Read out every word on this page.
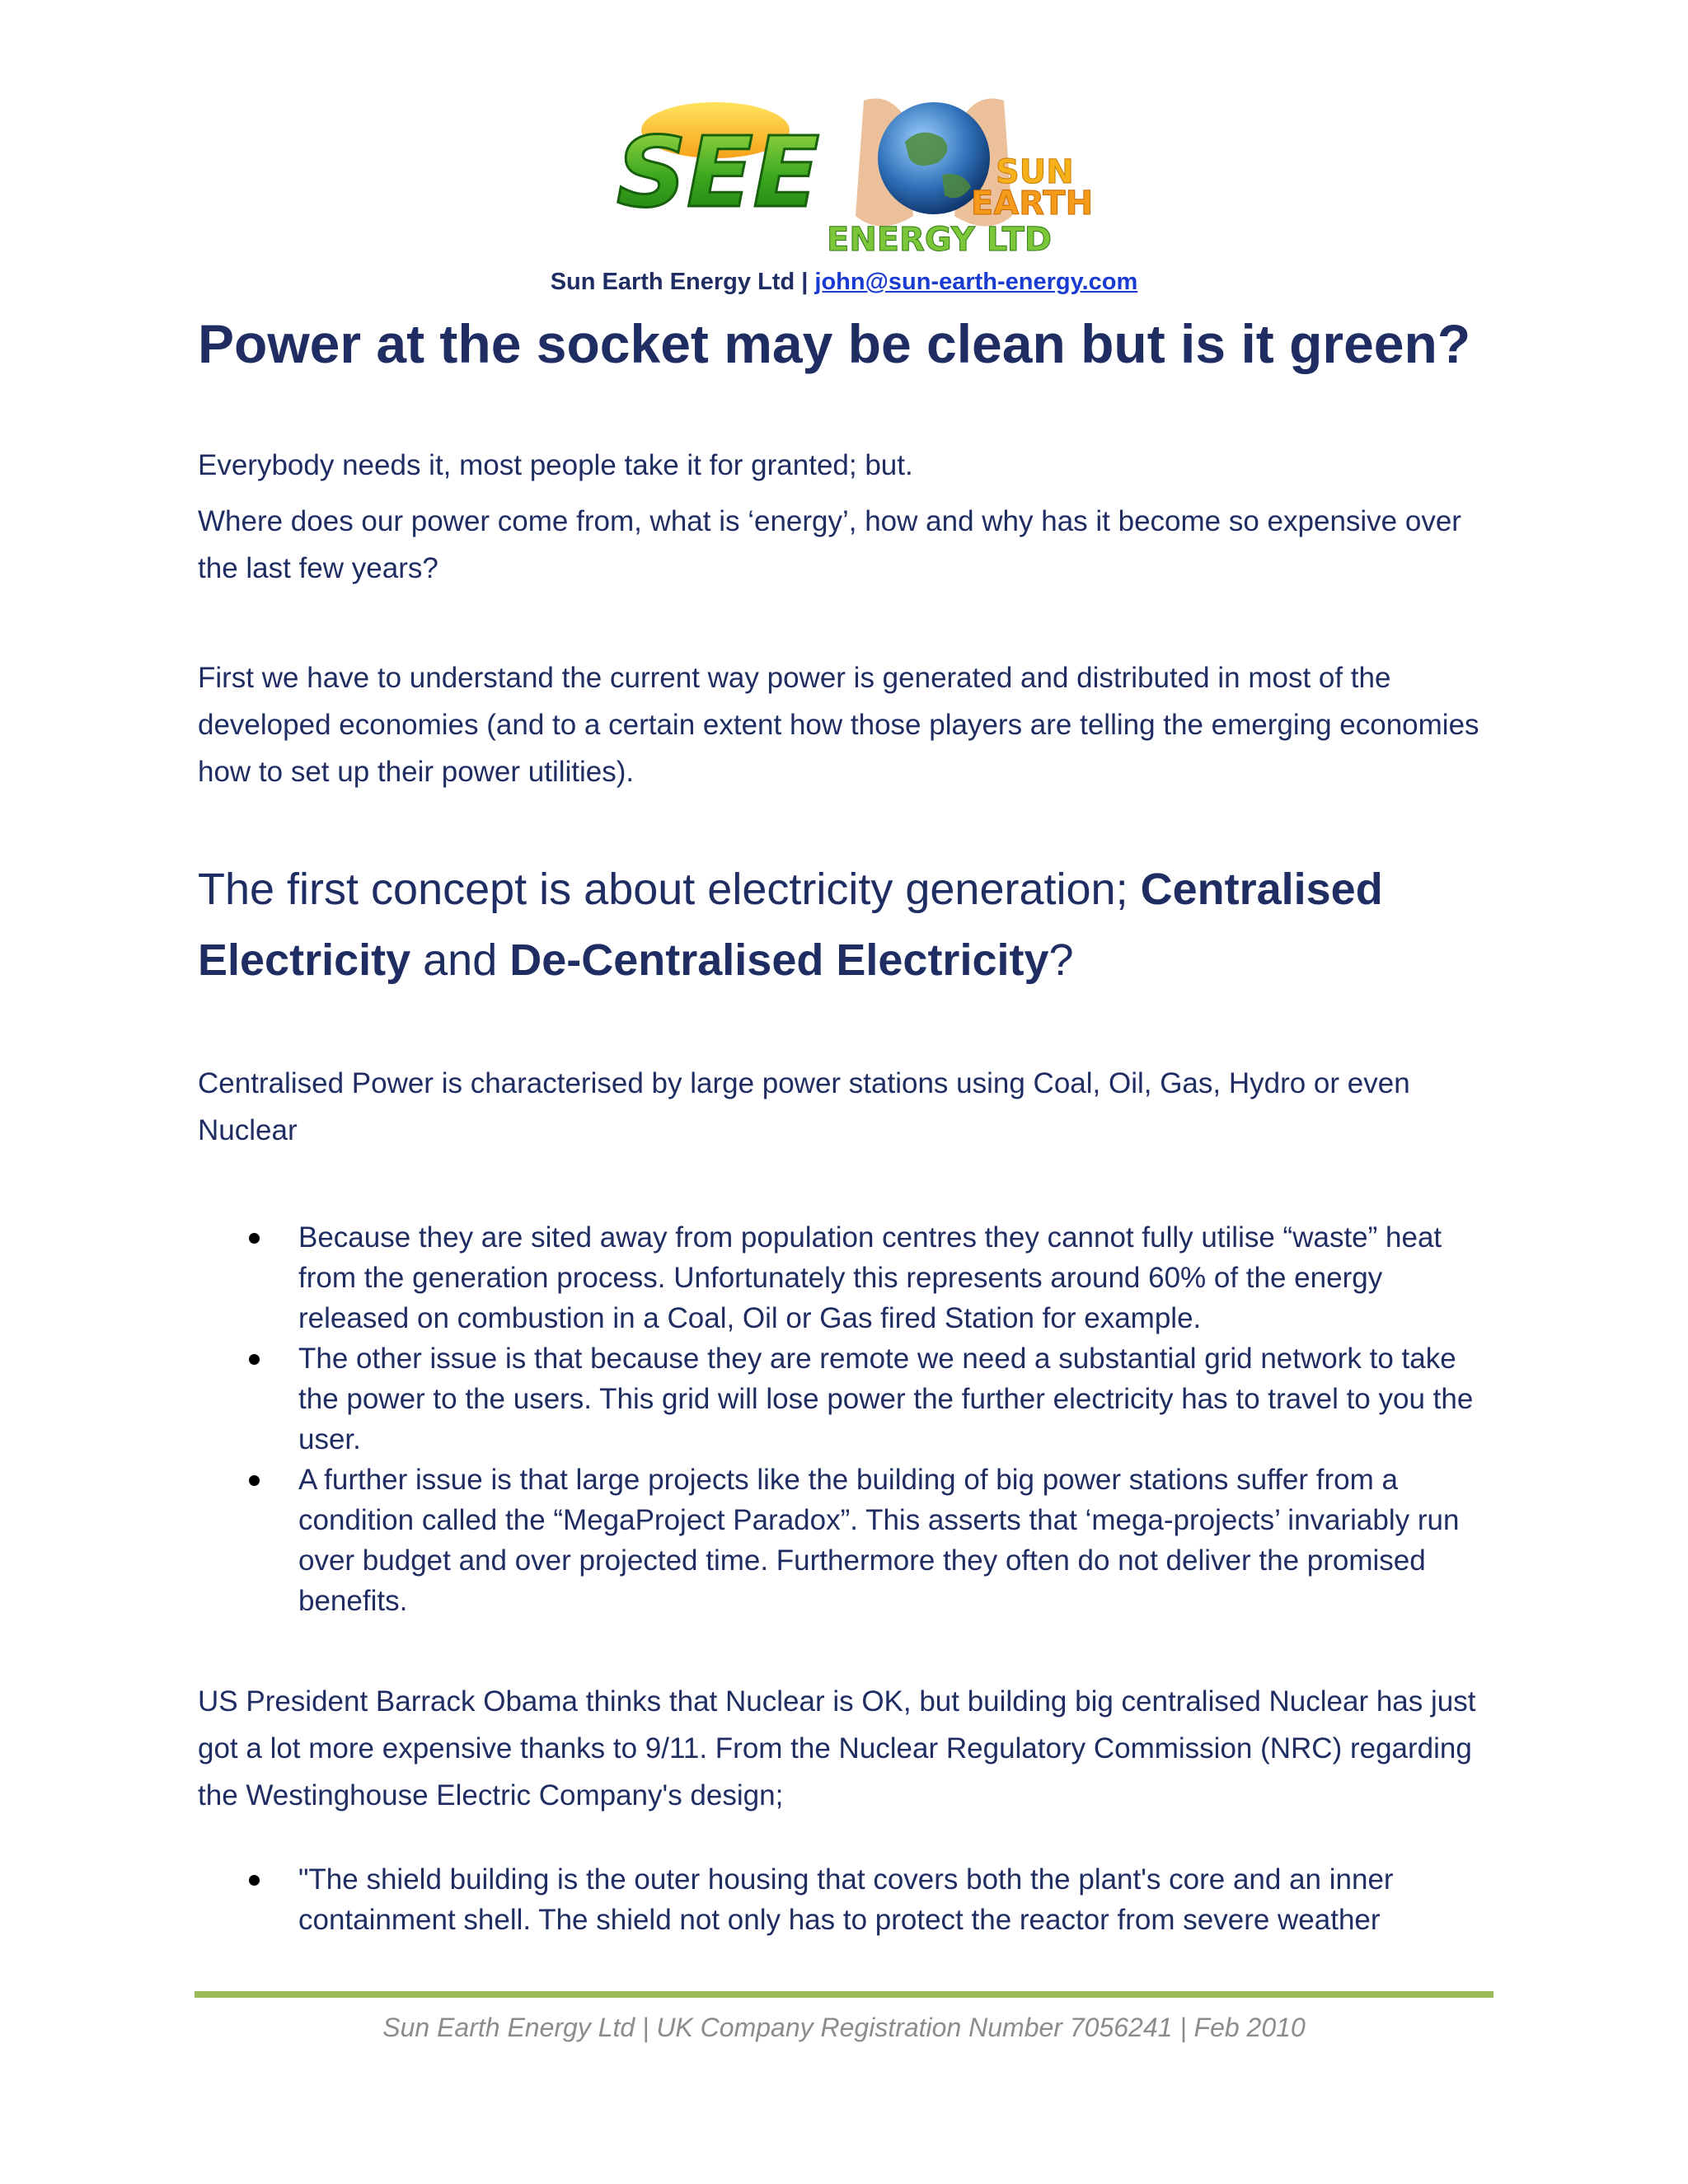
SEE	SUN
EARTH
ENERGY LTD
Sun Earth Energy Ltd | john@sun-earth-energy.com
Power at the socket may be clean but is it green?

Everybody needs it, most people take it for granted; but.

Where does our power come from, what is ‘energy’, how and why has it become so expensive over the last few years?

First we have to understand the current way power is generated and distributed in most of the developed economies (and to a certain extent how those players are telling the emerging economies how to set up their power utilities).

The first concept is about electricity generation; Centralised Electricity and De-Centralised Electricity?

Centralised Power is characterised by large power stations using Coal, Oil, Gas, Hydro or even Nuclear

Because they are sited away from population centres they cannot fully utilise “waste” heat from the generation process. Unfortunately this represents around 60% of the energy released on combustion in a Coal, Oil or Gas fired Station for example.
The other issue is that because they are remote we need a substantial grid network to take the power to the users. This grid will lose power the further electricity has to travel to you the user.
A further issue is that large projects like the building of big power stations suffer from a condition called the “MegaProject Paradox”. This asserts that ‘mega-projects’ invariably run over budget and over projected time. Furthermore they often do not deliver the promised benefits.

US President Barrack Obama thinks that Nuclear is OK, but building big centralised Nuclear has just got a lot more expensive thanks to 9/11. From the Nuclear Regulatory Commission (NRC) regarding the Westinghouse Electric Company's design;

"The shield building is the outer housing that covers both the plant's core and an inner containment shell. The shield not only has to protect the reactor from severe weather
Sun Earth Energy Ltd | UK Company Registration Number 7056241 | Feb 2010
